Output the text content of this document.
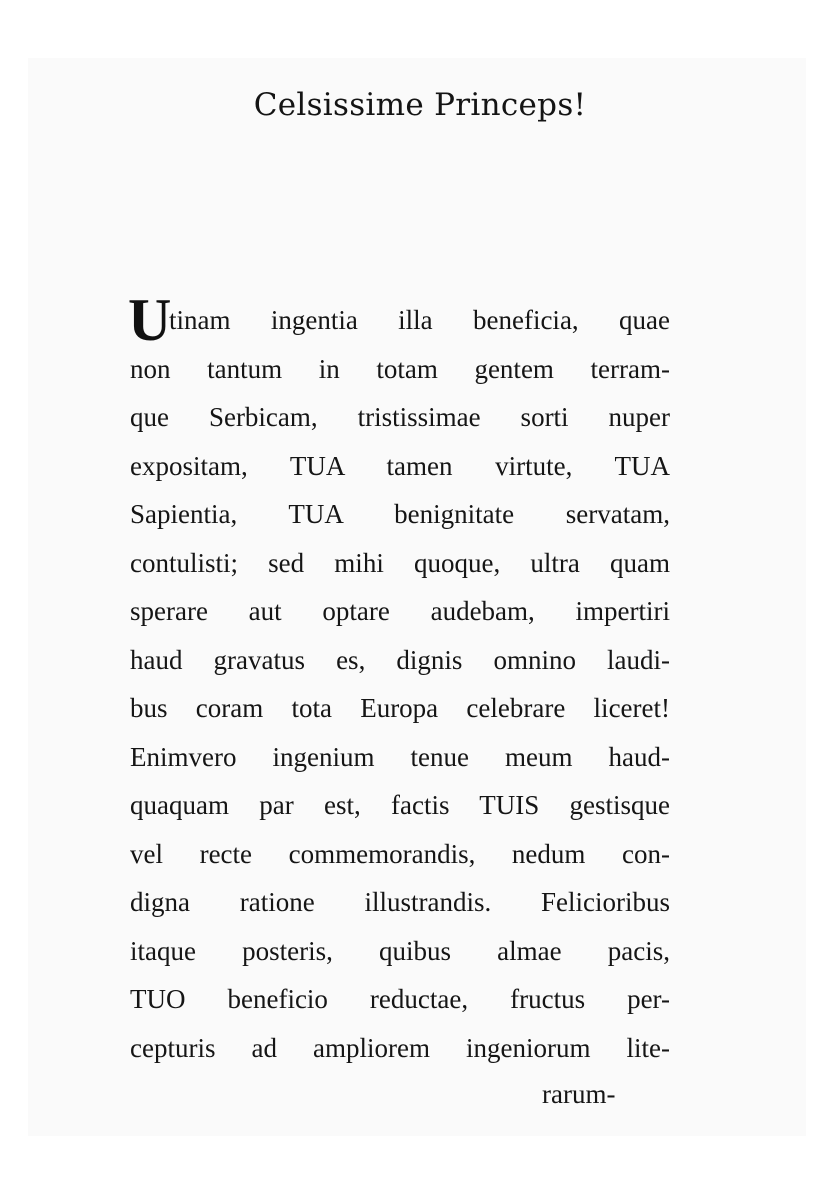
Celsissime Princeps!
U
tinam ingentia illa beneficia, quae
non tantum in totam gentem terram-
que Serbicam, tristissimae sorti nuper
expositam, TUA tamen virtute, TUA
Sapientia, TUA benignitate servatam,
contulisti; sed mihi quoque, ultra quam
sperare aut optare audebam, impertiri
haud gravatus es, dignis omnino laudi-
bus coram tota Europa celebrare liceret!
Enimvero ingenium tenue meum haud-
quaquam par est, factis TUIS gestisque
vel recte commemorandis, nedum con-
digna ratione illustrandis. Felicioribus
itaque posteris, quibus almae pacis,
TUO beneficio reductae, fructus per-
cepturis ad ampliorem ingeniorum lite-
rarum-
